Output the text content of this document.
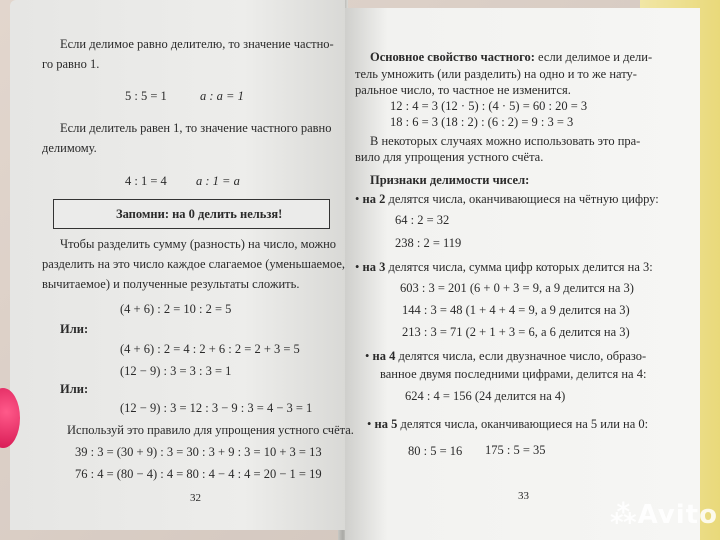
Если делимое равно делителю, то значение частно-
го равно 1.
5 : 5 = 1	a : a = 1
Если делитель равен 1, то значение частного равно
делимому.
4 : 1 = 4 a : 1 = a
Запомни: на 0 делить нельзя!
Чтобы разделить сумму (разность) на число, можно
разделить на это число каждое слагаемое (уменьшаемое,
вычитаемое) и полученные результаты сложить.
(4 + 6) : 2 = 10 : 2 = 5
Или:
(4 + 6) : 2 = 4 : 2 + 6 : 2 = 2 + 3 = 5
(12 − 9) : 3 = 3 : 3 = 1
Или:
(12 − 9) : 3 = 12 : 3 − 9 : 3 = 4 − 3 = 1
Используй это правило для упрощения устного счёта.
39 : 3 = (30 + 9) : 3 = 30 : 3 + 9 : 3 = 10 + 3 = 13
76 : 4 = (80 − 4) : 4 = 80 : 4 − 4 : 4 = 20 − 1 = 19
32
Основное свойство частного: если делимое и дели-
тель умножить (или разделить) на одно и то же нату-
ральное число, то частное не изменится.
12 : 4 = 3 (12 · 5) : (4 · 5) = 60 : 20 = 3
18 : 6 = 3 (18 : 2) : (6 : 2) = 9 : 3 = 3
В некоторых случаях можно использовать это пра-
вило для упрощения устного счёта.
Признаки делимости чисел:
• на 2 делятся числа, оканчивающиеся на чётную цифру:
64 : 2 = 32
238 : 2 = 119
• на 3 делятся числа, сумма цифр которых делится на 3:
603 : 3 = 201 (6 + 0 + 3 = 9, а 9 делится на 3)
144 : 3 = 48 (1 + 4 + 4 = 9, а 9 делится на 3)
213 : 3 = 71 (2 + 1 + 3 = 6, а 6 делится на 3)
• на 4 делятся числа, если двузначное число, образо-
ванное двумя последними цифрами, делится на 4:
624 : 4 = 156 (24 делится на 4)
• на 5 делятся числа, оканчивающиеся на 5 или на 0:
80 : 5 = 16 175 : 5 = 35
33
⁂Avito
